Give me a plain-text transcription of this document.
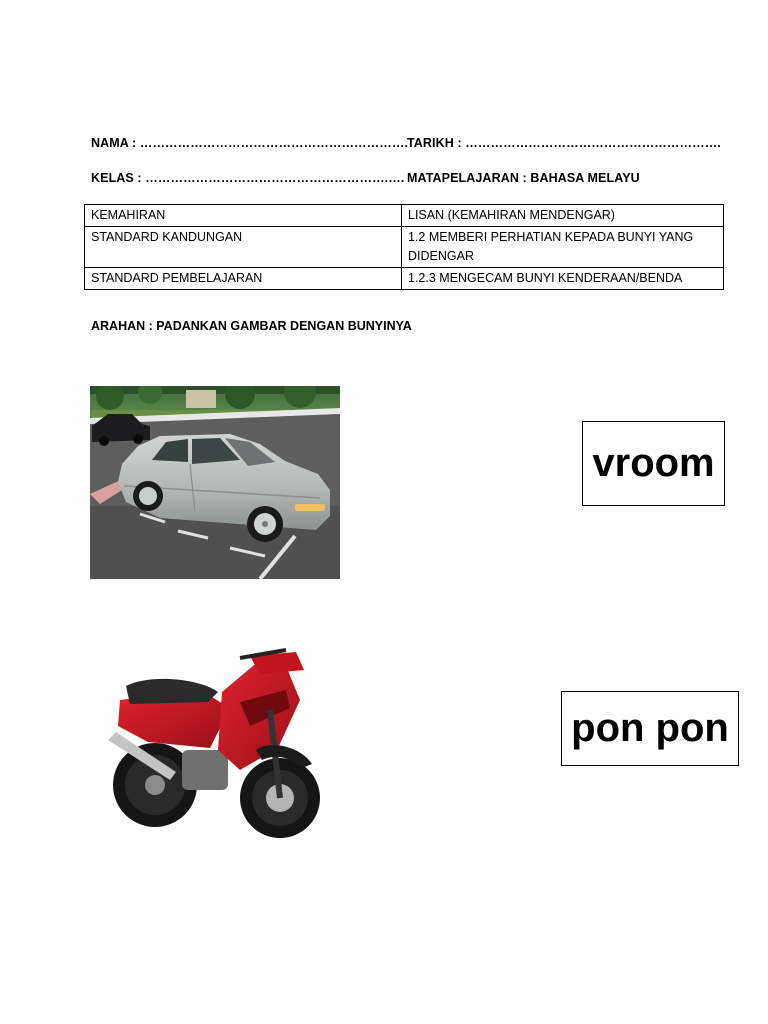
NAMA : ……………………………………………………….
TARIKH : …………………………………………………….
KELAS : ………………………………………………….…. MATAPELAJARAN : BAHASA MELAYU
KEMAHIRAN	LISAN (KEMAHIRAN MENDENGAR)
STANDARD KANDUNGAN	1.2 MEMBERI PERHATIAN KEPADA BUNYI YANG DIDENGAR
STANDARD PEMBELAJARAN	1.2.3 MENGECAM BUNYI KENDERAAN/BENDA
ARAHAN : PADANKAN GAMBAR DENGAN BUNYINYA
vroom
pon pon
